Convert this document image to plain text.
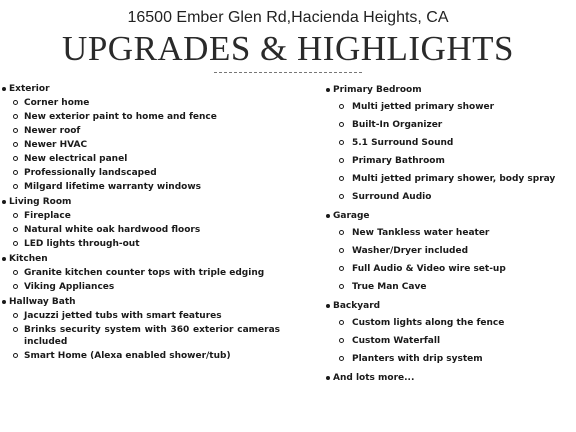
16500 Ember Glen Rd,Hacienda Heights, CA
UPGRADES & HIGHLIGHTS
Exterior
Corner home
New exterior paint to home and fence
Newer roof
Newer HVAC
New electrical panel
Professionally landscaped
Milgard lifetime warranty windows
Living Room
Fireplace
Natural white oak hardwood floors
LED lights through-out
Kitchen
Granite kitchen counter tops with triple edging
Viking Appliances
Hallway Bath
Jacuzzi jetted tubs with smart features
Brinks security system with 360 exterior cameras included
Smart Home (Alexa enabled shower/tub)
Primary Bedroom
Multi jetted primary shower
Built-In Organizer
5.1 Surround Sound
Primary Bathroom
Multi jetted primary shower, body spray
Surround Audio
Garage
New Tankless water heater
Washer/Dryer included
Full Audio & Video wire set-up
True Man Cave
Backyard
Custom lights along the fence
Custom Waterfall
Planters with drip system
And lots more...
